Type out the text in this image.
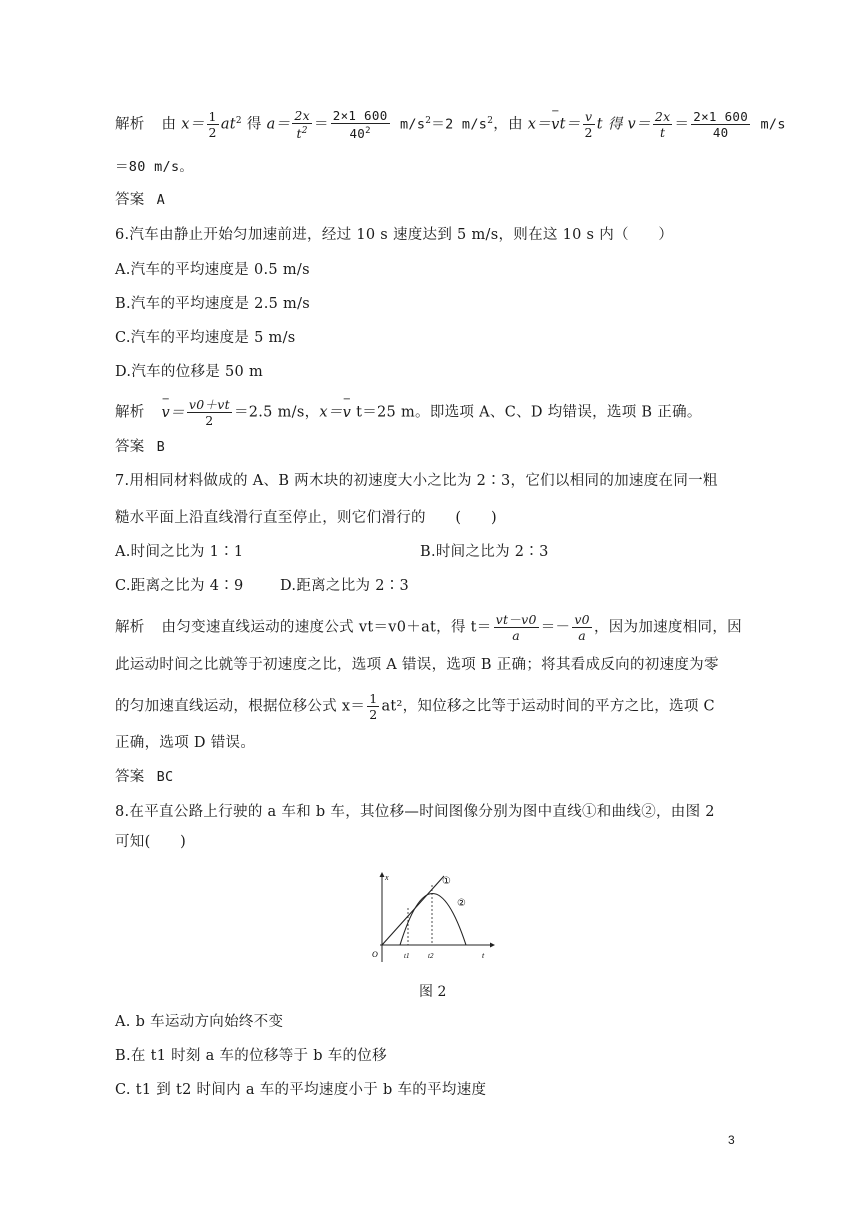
解析 由 $x= \frac{1}{2} at^2$ 得 $a= \frac{2x}{t^2} = \frac{2\times 1 600}{40^2} m/s^2=2$ $m/s^2$，由 $x=- vt= \frac{v}{2}$ t 得 $v= \frac{2x}{t} = \frac{2\times 1 600}{40} m/s$
＝80 m/s。
答案 A
6.汽车由静止开始匀加速前进，经过 10 s 速度达到 5 m/s，则在这 10 s 内（　　）
A.汽车的平均速度是 0.5 m/s
B.汽车的平均速度是 2.5 m/s
C.汽车的平均速度是 5 m/s
D.汽车的位移是 50 m
解析 − $v= \frac{v0+vt}{2} =2.5$ m/s，x＝− v t＝25 m。即选项 A、C、D 均错误，选项 B 正确。
答案 B
7.用相同材料做成的 A、B 两木块的初速度大小之比为 2∶3，它们以相同的加速度在同一粗
糙水平面上沿直线滑行直至停止，则它们滑行的　　(　　)
A.时间之比为 1∶1	B.时间之比为 2∶3
C.距离之比为 4∶9	D.距离之比为 2∶3
解析 由匀变速直线运动的速度公式 vt＝v0＋at，得 $t= \frac{vt-v0}{a} =- \frac{v0}{a}$ ，因为加速度相同，因
此运动时间之比就等于初速度之比，选项 A 错误，选项 B 正确；将其看成反向的初速度为零
的匀加速直线运动，根据位移公式 $x= \frac{1}{2} at^2$，知位移之比等于运动时间的平方之比，选项 C
正确，选项 D 错误。
答案 BC
8.在平直公路上行驶的 a 车和 b 车，其位移—时间图像分别为图中直线①和曲线②，由图 2
可知(　　)
x
t
O	t1	t2
①
②
图 2
A. b 车运动方向始终不变
B.在 t1 时刻 a 车的位移等于 b 车的位移
C. t1 到 t2 时间内 a 车的平均速度小于 b 车的平均速度
3
